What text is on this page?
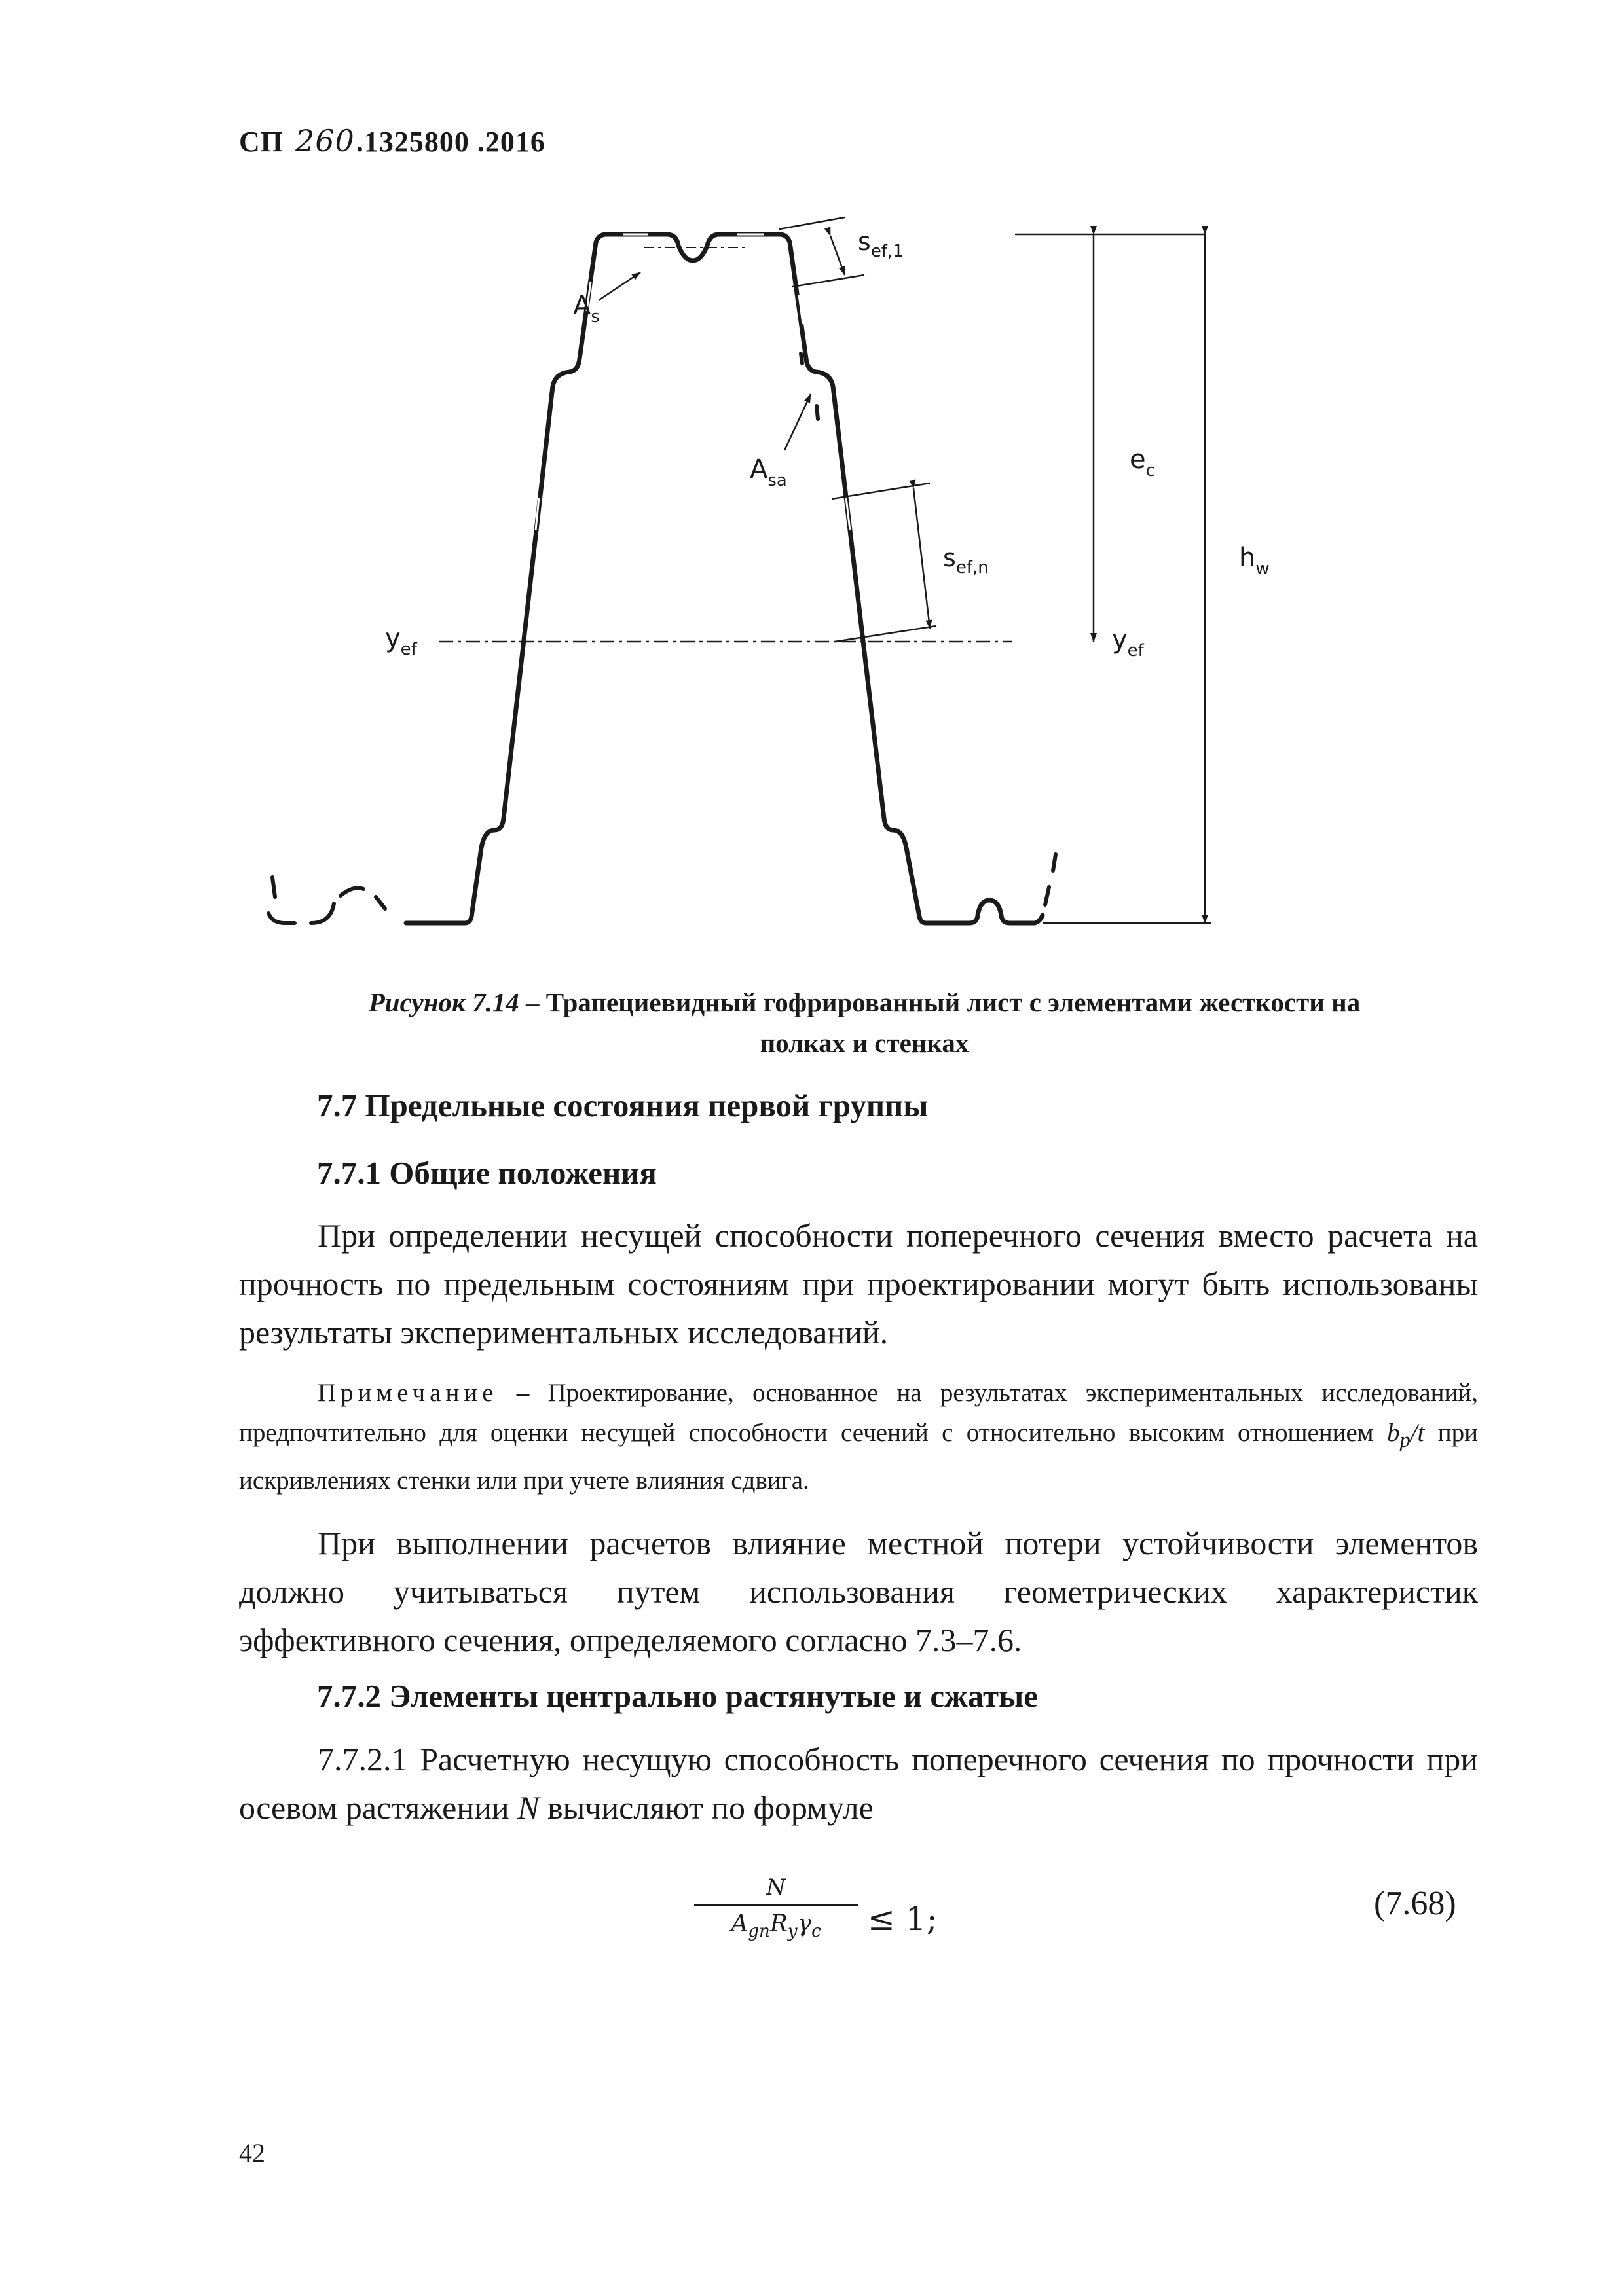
СП 260.1325800 .2016
$s_{ef,1}$
$A_s$
$A_{sa}$
$e_c$
$s_{ef,n}$	$h_w$
$y_{ef}$	$y_{ef}$
Рисунок 7.14 – Трапециевидный гофрированный лист с элементами жесткости на
полках и стенках
7.7 Предельные состояния первой группы
7.7.1 Общие положения
При определении несущей способности поперечного сечения вместо расчета на прочность по предельным состояниям при проектировании могут быть использованы результаты экспериментальных исследований.
Примечание – Проектирование, основанное на результатах экспериментальных исследований, предпочтительно для оценки несущей способности сечений с относительно высоким отношением $b_p/t$ при искривлениях стенки или при учете влияния сдвига.
При выполнении расчетов влияние местной потери устойчивости элементов должно учитываться путем использования геометрических характеристик эффективного сечения, определяемого согласно 7.3–7.6.
7.7.2 Элементы центрально растянутые и сжатые
7.7.2.1 Расчетную несущую способность поперечного сечения по прочности при осевом растяжении N вычисляют по формуле
N
$A_{gn}R_y\gamma_c$	≤ 1;	(7.68)
42
